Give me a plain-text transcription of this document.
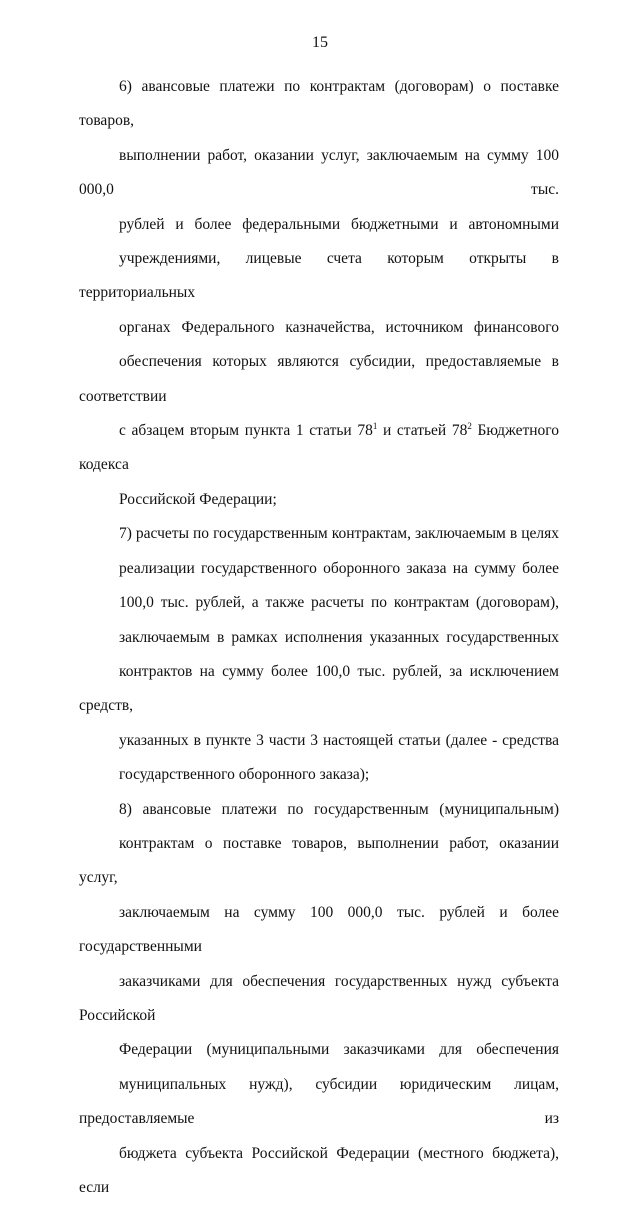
15

6) авансовые платежи по контрактам (договорам) о поставке товаров,
выполнении работ, оказании услуг, заключаемым на сумму 100 000,0 тыс.
рублей и более федеральными бюджетными и автономными
учреждениями, лицевые счета которым открыты в территориальных
органах Федерального казначейства, источником финансового
обеспечения которых являются субсидии, предоставляемые в соответствии
с абзацем вторым пункта 1 статьи $78^1$ и статьей $78^2$ Бюджетного кодекса
Российской Федерации;

7) расчеты по государственным контрактам, заключаемым в целях
реализации государственного оборонного заказа на сумму более
100,0 тыс. рублей, а также расчеты по контрактам (договорам),
заключаемым в рамках исполнения указанных государственных
контрактов на сумму более 100,0 тыс. рублей, за исключением средств,
указанных в пункте 3 части 3 настоящей статьи (далее - средства
государственного оборонного заказа);

8) авансовые платежи по государственным (муниципальным)
контрактам о поставке товаров, выполнении работ, оказании услуг,
заключаемым на сумму 100 000,0 тыс. рублей и более государственными
заказчиками для обеспечения государственных нужд субъекта Российской
Федерации (муниципальными заказчиками для обеспечения
муниципальных нужд), субсидии юридическим лицам, предоставляемые из
бюджета субъекта Российской Федерации (местного бюджета), если
